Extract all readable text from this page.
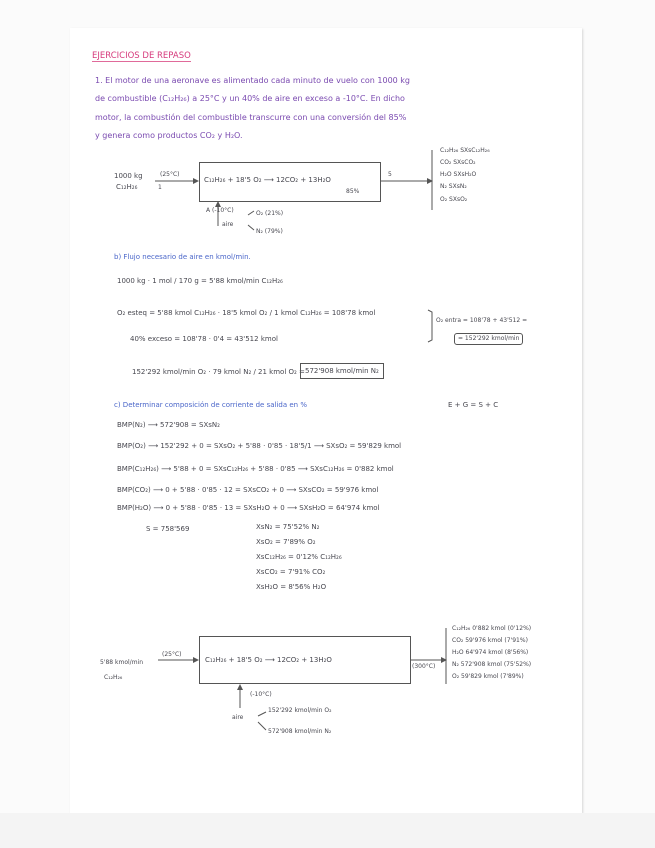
EJERCICIOS DE REPASO
1. El motor de una aeronave es alimentado cada minuto de vuelo con 1000 kg
de combustible (C₁₂H₂₆) a 25°C y un 40% de aire en exceso a -10°C. En dicho
motor, la combustión del combustible transcurre con una conversión del 85%
y genera como productos CO₂ y H₂O.
1000 kg
C₁₂H₂₆
(25°C)
1
C₁₂H₂₆ + 18'5 O₂ ⟶ 12CO₂ + 13H₂O
85%
5
A (-10°C)
aire
O₂ (21%)
N₂ (79%)
C₁₂H₂₆ SXsC₁₂H₂₆
CO₂ SXsCO₂
H₂O SXsH₂O
N₂ SXsN₂
O₂ SXsO₂
b) Flujo necesario de aire en kmol/min.
1000 kg · 1 mol / 170 g = 5'88 kmol/min C₁₂H₂₆
O₂ esteq = 5'88 kmol C₁₂H₂₆ · 18'5 kmol O₂ / 1 kmol C₁₂H₂₆ = 108'78 kmol
40% exceso = 108'78 · 0'4 = 43'512 kmol
O₂ entra = 108'78 + 43'512 =
= 152'292 kmol/min
152'292 kmol/min O₂ · 79 kmol N₂ / 21 kmol O₂ = 572'908 kmol/min N₂
c) Determinar composición de corriente de salida en %	E + G = S + C
BMP(N₂) ⟶ 572'908 = SXsN₂
BMP(O₂) ⟶ 152'292 + 0 = SXsO₂ + 5'88 · 0'85 · 18'5/1 ⟶ SXsO₂ = 59'829 kmol
BMP(C₁₂H₂₆) ⟶ 5'88 + 0 = SXsC₁₂H₂₆ + 5'88 · 0'85 ⟶ SXsC₁₂H₂₆ = 0'882 kmol
BMP(CO₂) ⟶ 0 + 5'88 · 0'85 · 12 = SXsCO₂ + 0 ⟶ SXsCO₂ = 59'976 kmol
BMP(H₂O) ⟶ 0 + 5'88 · 0'85 · 13 = SXsH₂O + 0 ⟶ SXsH₂O = 64'974 kmol
S = 758'569	XsN₂ = 75'52% N₂
XsO₂ = 7'89% O₂
XsC₁₂H₂₆ = 0'12% C₁₂H₂₆
XsCO₂ = 7'91% CO₂
XsH₂O = 8'56% H₂O
5'88 kmol/min
C₁₂H₂₆
(25°C)
C₁₂H₂₆ + 18'5 O₂ ⟶ 12CO₂ + 13H₂O
(300°C)
(-10°C)
aire
152'292 kmol/min O₂
572'908 kmol/min N₂
C₁₂H₂₆ 0'882 kmol (0'12%)
CO₂ 59'976 kmol (7'91%)
H₂O 64'974 kmol (8'56%)
N₂ 572'908 kmol (75'52%)
O₂ 59'829 kmol (7'89%)
